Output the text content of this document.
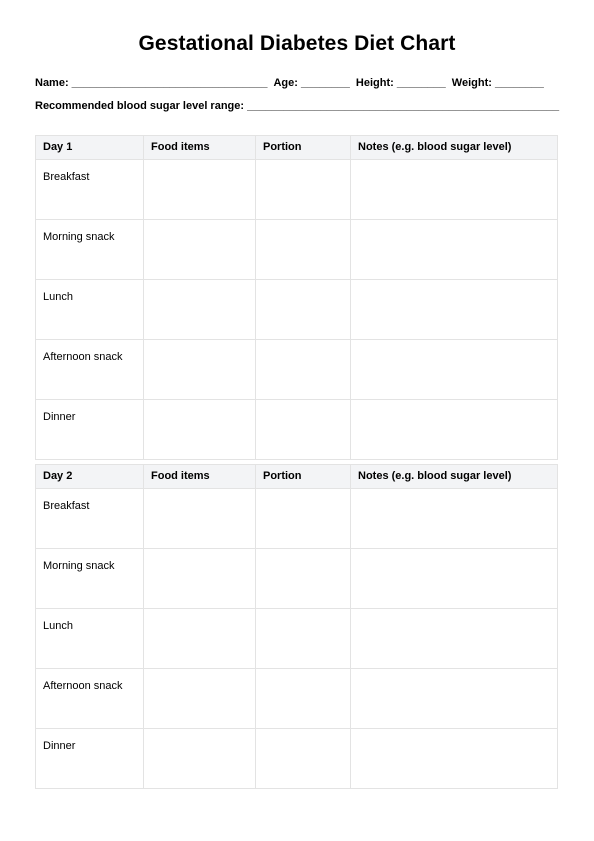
Gestational Diabetes Diet Chart
Name: ________________________________ Age: ________ Height: ________ Weight: ________
Recommended blood sugar level range: ___________________________________________________
Day 1	Food items	Portion	Notes (e.g. blood sugar level)
Breakfast			
Morning snack			
Lunch			
Afternoon snack			
Dinner			
Day 2	Food items	Portion	Notes (e.g. blood sugar level)
Breakfast			
Morning snack			
Lunch			
Afternoon snack			
Dinner			
